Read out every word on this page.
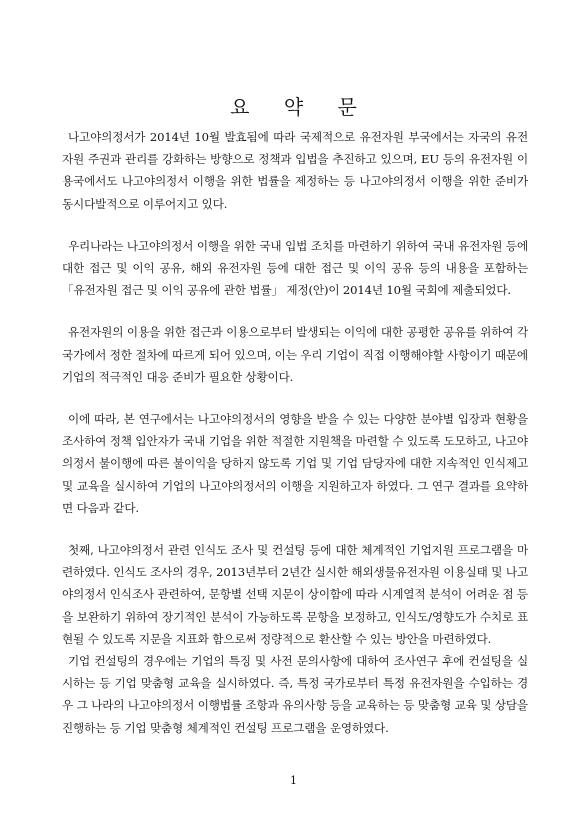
요 약 문

나고야의정서가 2014년 10월 발효됨에 따라 국제적으로 유전자원 부국에서는 자국의 유전자원 주권과 관리를 강화하는 방향으로 정책과 입법을 추진하고 있으며, EU 등의 유전자원 이용국에서도 나고야의정서 이행을 위한 법률을 제정하는 등 나고야의정서 이행을 위한 준비가 동시다발적으로 이루어지고 있다.

우리나라는 나고야의정서 이행을 위한 국내 입법 조치를 마련하기 위하여 국내 유전자원 등에 대한 접근 및 이익 공유, 해외 유전자원 등에 대한 접근 및 이익 공유 등의 내용을 포함하는 「유전자원 접근 및 이익 공유에 관한 법률」 제정(안)이 2014년 10월 국회에 제출되었다.

유전자원의 이용을 위한 접근과 이용으로부터 발생되는 이익에 대한 공평한 공유를 위하여 각 국가에서 정한 절차에 따르게 되어 있으며, 이는 우리 기업이 직접 이행해야할 사항이기 때문에 기업의 적극적인 대응 준비가 필요한 상황이다.

이에 따라, 본 연구에서는 나고야의정서의 영향을 받을 수 있는 다양한 분야별 입장과 현황을 조사하여 정책 입안자가 국내 기업을 위한 적절한 지원책을 마련할 수 있도록 도모하고, 나고야의정서 불이행에 따른 불이익을 당하지 않도록 기업 및 기업 담당자에 대한 지속적인 인식제고 및 교육을 실시하여 기업의 나고야의정서의 이행을 지원하고자 하였다. 그 연구 결과를 요약하면 다음과 같다.

첫째, 나고야의정서 관련 인식도 조사 및 컨설팅 등에 대한 체계적인 기업지원 프로그램을 마련하였다. 인식도 조사의 경우, 2013년부터 2년간 실시한 해외생물유전자원 이용실태 및 나고야의정서 인식조사 관련하여, 문항별 선택 지문이 상이함에 따라 시계열적 분석이 어려운 점 등을 보완하기 위하여 장기적인 분석이 가능하도록 문항을 보정하고, 인식도/영향도가 수치로 표현될 수 있도록 지문을 지표화 함으로써 정량적으로 환산할 수 있는 방안을 마련하였다.

기업 컨설팅의 경우에는 기업의 특징 및 사전 문의사항에 대하여 조사연구 후에 컨설팅을 실시하는 등 기업 맞춤형 교육을 실시하였다. 즉, 특정 국가로부터 특정 유전자원을 수입하는 경우 그 나라의 나고야의정서 이행법률 조항과 유의사항 등을 교육하는 등 맞춤형 교육 및 상담을 진행하는 등 기업 맞춤형 체계적인 컨설팅 프로그램을 운영하였다.

1
